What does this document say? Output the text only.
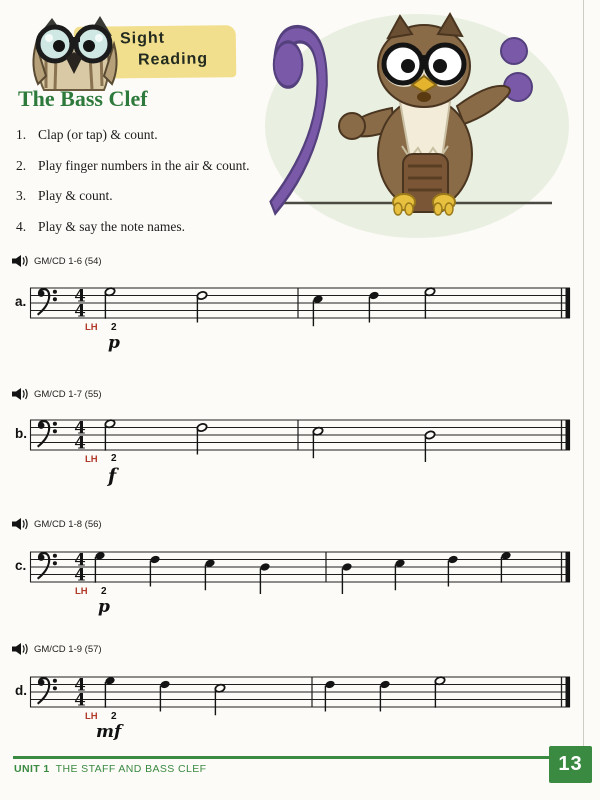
Sight
Reading
The Bass Clef
1. Clap (or tap) & count.
2. Play finger numbers in the air & count.
3. Play & count.
4. Play & say the note names.
GM/CD 1-6 (54)
a.	4
4
LH 2
p
GM/CD 1-7 (55)
b.	4
4
LH 2
f
GM/CD 1-8 (56)
c.	4
4
LH 2
p
GM/CD 1-9 (57)
d.	4
4
LH 2
mf
UNIT 1 THE STAFF AND BASS CLEF	13
